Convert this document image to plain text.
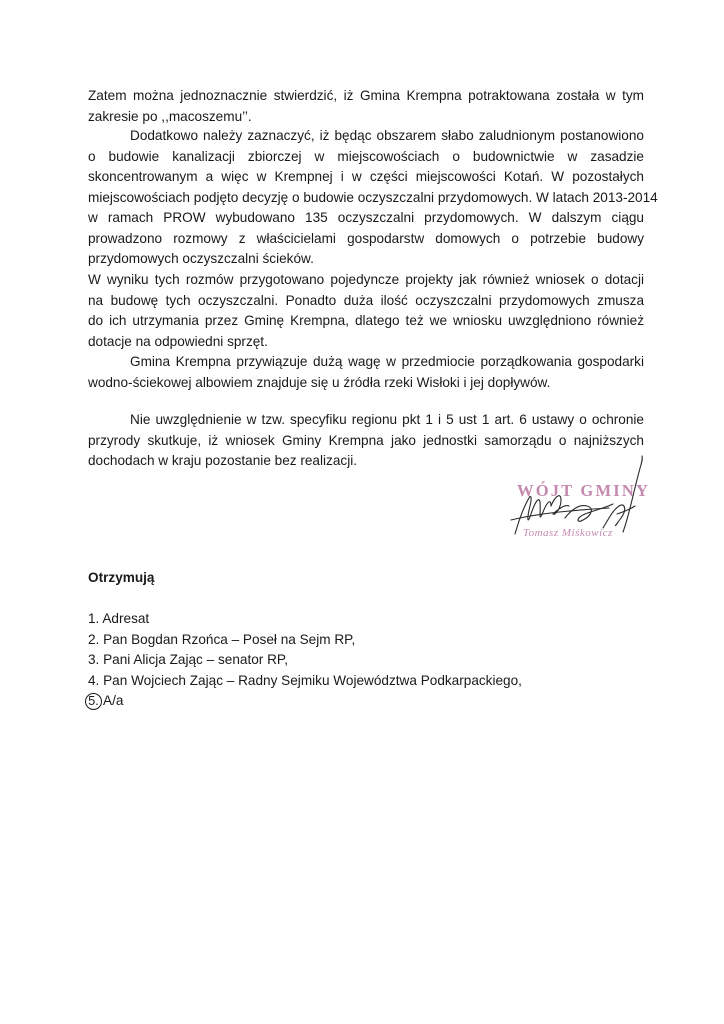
Zatem można jednoznacznie stwierdzić, iż Gmina Krempna potraktowana została w tym
zakresie po ,,macoszemu’’.
Dodatkowo należy zaznaczyć, iż będąc obszarem słabo zaludnionym postanowiono
o budowie kanalizacji zbiorczej w miejscowościach o budownictwie w zasadzie
skoncentrowanym a więc w Krempnej i w części miejscowości Kotań. W pozostałych
miejscowościach podjęto decyzję o budowie oczyszczalni przydomowych. W latach 2013-2014
w ramach PROW wybudowano 135 oczyszczalni przydomowych. W dalszym ciągu
prowadzono rozmowy z właścicielami gospodarstw domowych o potrzebie budowy
przydomowych oczyszczalni ścieków.
W wyniku tych rozmów przygotowano pojedyncze projekty jak również wniosek o dotacji
na budowę tych oczyszczalni. Ponadto duża ilość oczyszczalni przydomowych zmusza
do ich utrzymania przez Gminę Krempna, dlatego też we wniosku uwzględniono również
dotacje na odpowiedni sprzęt.
Gmina Krempna przywiązuje dużą wagę w przedmiocie porządkowania gospodarki
wodno-ściekowej albowiem znajduje się u źródła rzeki Wisłoki i jej dopływów.
Nie uwzględnienie w tzw. specyfiku regionu pkt 1 i 5 ust 1 art. 6 ustawy o ochronie
przyrody skutkuje, iż wniosek Gminy Krempna jako jednostki samorządu o najniższych
dochodach w kraju pozostanie bez realizacji.
WÓJT GMINY
Tomasz Miśkowicz
Otrzymują
1. Adresat
2. Pan Bogdan Rzońca – Poseł na Sejm RP,
3. Pani Alicja Zając – senator RP,
4. Pan Wojciech Zając – Radny Sejmiku Województwa Podkarpackiego,
5. A/a
